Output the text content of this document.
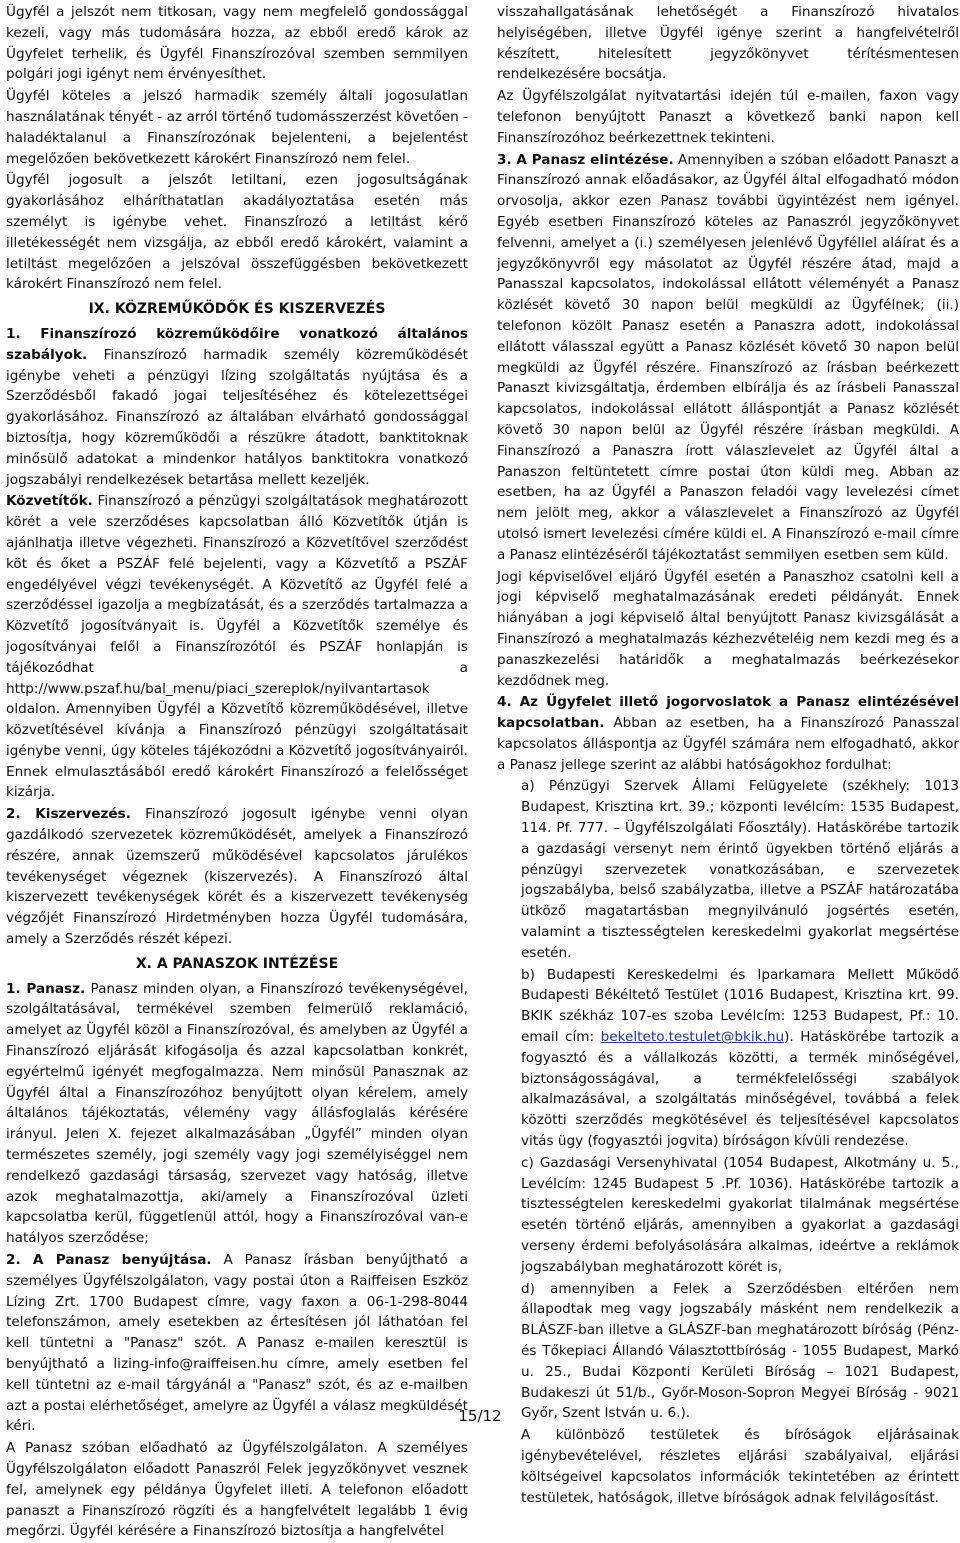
Ügyfél a jelszót nem titkosan, vagy nem megfelelő gondossággal kezeli, vagy más tudomására hozza, az ebből eredő károk az Ügyfelet terhelik, és Ügyfél Finanszírozóval szemben semmilyen polgári jogi igényt nem érvényesíthet.

Ügyfél köteles a jelszó harmadik személy általi jogosulatlan használatának tényét - az arról történő tudomásszerzést követően - haladéktalanul a Finanszírozónak bejelenteni, a bejelentést megelőzően bekövetkezett károkért Finanszírozó nem felel.

Ügyfél jogosult a jelszót letiltani, ezen jogosultságának gyakorlásához elháríthatatlan akadályoztatása esetén más személyt is igénybe vehet. Finanszírozó a letiltást kérő illetékességét nem vizsgálja, az ebből eredő károkért, valamint a letiltást megelőzően a jelszóval összefüggésben bekövetkezett károkért Finanszírozó nem felel.

IX. KÖZREMŰKÖDŐK ÉS KISZERVEZÉS

1. Finanszírozó közreműködőire vonatkozó általános szabályok. Finanszírozó harmadik személy közreműködését igénybe veheti a pénzügyi lízing szolgáltatás nyújtása és a Szerződésből fakadó jogai teljesítéséhez és kötelezettségei gyakorlásához. Finanszírozó az általában elvárható gondossággal biztosítja, hogy közreműködői a részükre átadott, banktitoknak minősülő adatokat a mindenkor hatályos banktitokra vonatkozó jogszabályi rendelkezések betartása mellett kezeljék.

Közvetítők. Finanszírozó a pénzügyi szolgáltatások meghatározott körét a vele szerződéses kapcsolatban álló Közvetítők útján is ajánlhatja illetve végezheti. Finanszírozó a Közvetítővel szerződést köt és őket a PSZÁF felé bejelenti, vagy a Közvetítő a PSZÁF engedélyével végzi tevékenységét. A Közvetítő az Ügyfél felé a szerződéssel igazolja a megbízatását, és a szerződés tartalmazza a Közvetítő jogosítványait is. Ügyfél a Közvetítők személye és jogosítványai felől a Finanszírozótól és PSZÁF honlapján is tájékozódhat a http://www.pszaf.hu/bal_menu/piaci_szereplok/nyilvantartasok oldalon. Amennyiben Ügyfél a Közvetítő közreműködésével, illetve közvetítésével kívánja a Finanszírozó pénzügyi szolgáltatásait igénybe venni, úgy köteles tájékozódni a Közvetítő jogosítványairól. Ennek elmulasztásából eredő károkért Finanszírozó a felelősséget kizárja.

2. Kiszervezés. Finanszírozó jogosult igénybe venni olyan gazdálkodó szervezetek közreműködését, amelyek a Finanszírozó részére, annak üzemszerű működésével kapcsolatos járulékos tevékenységet végeznek (kiszervezés). A Finanszírozó által kiszervezett tevékenységek körét és a kiszervezett tevékenység végzőjét Finanszírozó Hirdetményben hozza Ügyfél tudomására, amely a Szerződés részét képezi.

X. A PANASZOK INTÉZÉSE

1. Panasz. Panasz minden olyan, a Finanszírozó tevékenységével, szolgáltatásával, termékével szemben felmerülő reklamáció, amelyet az Ügyfél közöl a Finanszírozóval, és amelyben az Ügyfél a Finanszírozó eljárását kifogásolja és azzal kapcsolatban konkrét, egyértelmű igényét megfogalmazza. Nem minősül Panasznak az Ügyfél által a Finanszírozóhoz benyújtott olyan kérelem, amely általános tájékoztatás, vélemény vagy állásfoglalás kérésére irányul. Jelen X. fejezet alkalmazásában „Ügyfél” minden olyan természetes személy, jogi személy vagy jogi személyiséggel nem rendelkező gazdasági társaság, szervezet vagy hatóság, illetve azok meghatalmazottja, aki/amely a Finanszírozóval üzleti kapcsolatba kerül, függetlenül attól, hogy a Finanszírozóval van-e hatályos szerződése;

2. A Panasz benyújtása. A Panasz írásban benyújtható a személyes Ügyfélszolgálaton, vagy postai úton a Raiffeisen Eszköz Lízing Zrt. 1700 Budapest címre, vagy faxon a 06-1-298-8044 telefonszámon, amely esetekben az értesítésen jól láthatóan fel kell tüntetni a "Panasz" szót. A Panasz e-mailen keresztül is benyújtható a lizing-info@raiffeisen.hu címre, amely esetben fel kell tüntetni az e-mail tárgyánál a "Panasz" szót, és az e-mailben azt a postai elérhetőséget, amelyre az Ügyfél a válasz megküldését kéri.

A Panasz szóban előadható az Ügyfélszolgálaton. A személyes Ügyfélszolgálaton előadott Panaszról Felek jegyzőkönyvet vesznek fel, amelynek egy példánya Ügyfelet illeti. A telefonon előadott panaszt a Finanszírozó rögzíti és a hangfelvételt legalább 1 évig megőrzi. Ügyfél kérésére a Finanszírozó biztosítja a hangfelvétel

visszahallgatásának lehetőségét a Finanszírozó hivatalos helyiségében, illetve Ügyfél igénye szerint a hangfelvételről készített, hitelesített jegyzőkönyvet térítésmentesen rendelkezésére bocsátja.

Az Ügyfélszolgálat nyitvatartási idején túl e-mailen, faxon vagy telefonon benyújtott Panaszt a következő banki napon kell Finanszírozóhoz beérkezettnek tekinteni.

3. A Panasz elintézése. Amennyiben a szóban előadott Panaszt a Finanszírozó annak előadásakor, az Ügyfél által elfogadható módon orvosolja, akkor ezen Panasz további ügyintézést nem igényel. Egyéb esetben Finanszírozó köteles az Panaszról jegyzőkönyvet felvenni, amelyet a (i.) személyesen jelenlévő Ügyféllel aláírat és a jegyzőkönyvről egy másolatot az Ügyfél részére átad, majd a Panasszal kapcsolatos, indokolással ellátott véleményét a Panasz közlését követő 30 napon belül megküldi az Ügyfélnek; (ii.) telefonon közölt Panasz esetén a Panaszra adott, indokolással ellátott válasszal együtt a Panasz közlését követő 30 napon belül megküldi az Ügyfél részére. Finanszírozó az írásban beérkezett Panaszt kivizsgáltatja, érdemben elbírálja és az írásbeli Panasszal kapcsolatos, indokolással ellátott álláspontját a Panasz közlését követő 30 napon belül az Ügyfél részére írásban megküldi. A Finanszírozó a Panaszra írott válaszlevelet az Ügyfél által a Panaszon feltüntetett címre postai úton küldi meg. Abban az esetben, ha az Ügyfél a Panaszon feladói vagy levelezési címet nem jelölt meg, akkor a válaszlevelet a Finanszírozó az Ügyfél utolsó ismert levelezési címére küldi el. A Finanszírozó e-mail címre a Panasz elintézéséről tájékoztatást semmilyen esetben sem küld.

Jogi képviselővel eljáró Ügyfél esetén a Panaszhoz csatolni kell a jogi képviselő meghatalmazásának eredeti példányát. Ennek hiányában a jogi képviselő által benyújtott Panasz kivizsgálását a Finanszírozó a meghatalmazás kézhezvételéig nem kezdi meg és a panaszkezelési határidők a meghatalmazás beérkezésekor kezdődnek meg.

4. Az Ügyfelet illető jogorvoslatok a Panasz elintézésével kapcsolatban. Abban az esetben, ha a Finanszírozó Panasszal kapcsolatos álláspontja az Ügyfél számára nem elfogadható, akkor a Panasz jellege szerint az alábbi hatóságokhoz fordulhat:

a) Pénzügyi Szervek Állami Felügyelete (székhely: 1013 Budapest, Krisztina krt. 39.; központi levélcím: 1535 Budapest, 114. Pf. 777. – Ügyfélszolgálati Főosztály). Hatáskörébe tartozik a gazdasági versenyt nem érintő ügyekben történő eljárás a pénzügyi szervezetek vonatkozásában, e szervezetek jogszabályba, belső szabályzatba, illetve a PSZÁF határozatába ütköző magatartásban megnyilvánuló jogsértés esetén, valamint a tisztességtelen kereskedelmi gyakorlat megsértése esetén.

b) Budapesti Kereskedelmi és Iparkamara Mellett Működő Budapesti Békéltető Testület (1016 Budapest, Krisztina krt. 99. BKIK székház 107-es szoba Levélcím: 1253 Budapest, Pf.: 10. email cím: bekelteto.testulet@bkik.hu). Hatáskörébe tartozik a fogyasztó és a vállalkozás közötti, a termék minőségével, biztonságosságával, a termékfelelősségi szabályok alkalmazásával, a szolgáltatás minőségével, továbbá a felek közötti szerződés megkötésével és teljesítésével kapcsolatos vitás ügy (fogyasztói jogvita) bíróságon kívüli rendezése.

c) Gazdasági Versenyhivatal (1054 Budapest, Alkotmány u. 5., Levélcím: 1245 Budapest 5 .Pf. 1036). Hatáskörébe tartozik a tisztességtelen kereskedelmi gyakorlat tilalmának megsértése esetén történő eljárás, amennyiben a gyakorlat a gazdasági verseny érdemi befolyásolására alkalmas, ideértve a reklámok jogszabályban meghatározott körét is,

d) amennyiben a Felek a Szerződésben eltérően nem állapodtak meg vagy jogszabály másként nem rendelkezik a BLÁSZF-ban illetve a GLÁSZF-ban meghatározott bíróság (Pénz- és Tőkepiaci Állandó Választottbíróság - 1055 Budapest, Markó u. 25., Budai Központi Kerületi Bíróság – 1021 Budapest, Budakeszi út 51/b., Győr-Moson-Sopron Megyei Bíróság - 9021 Győr, Szent István u. 6.).

A különböző testületek és bíróságok eljárásainak igénybevételével, részletes eljárási szabályaival, eljárási költségeivel kapcsolatos információk tekintetében az érintett testületek, hatóságok, illetve bíróságok adnak felvilágosítást.

15/12
